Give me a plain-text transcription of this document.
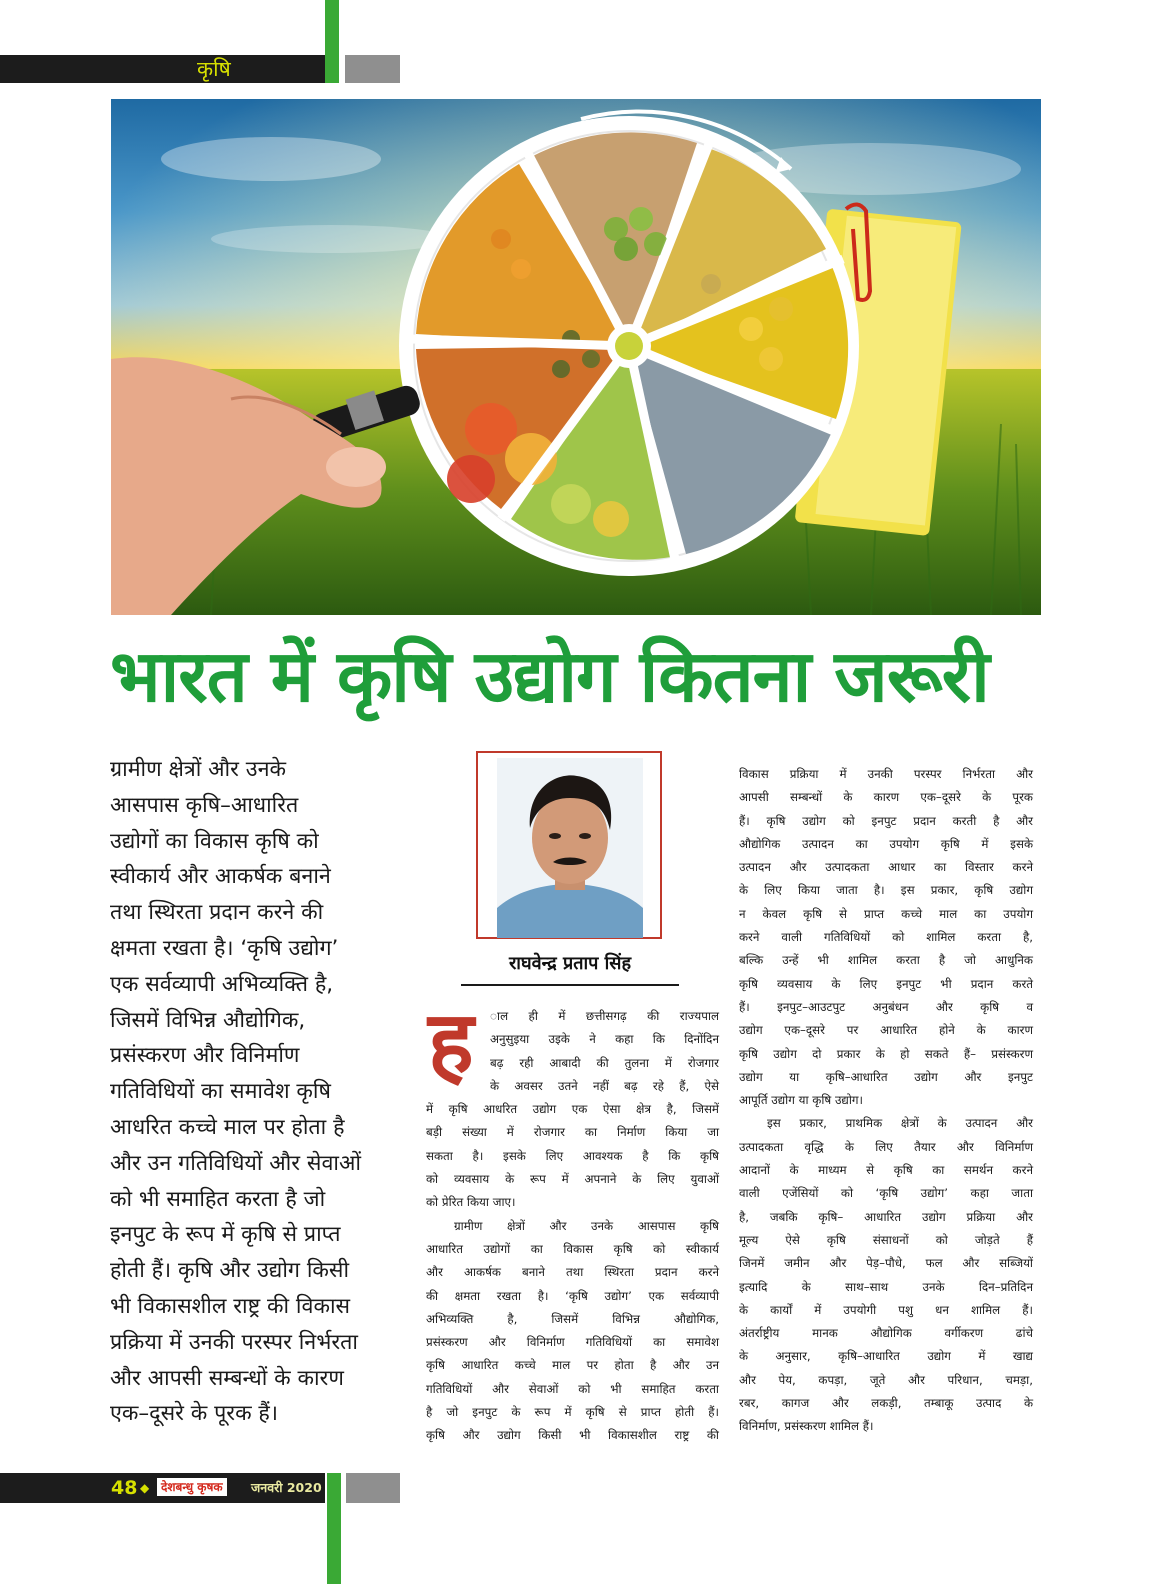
कृषि
भारत में कृषि उद्योग कितना जरूरी
ग्रामीण क्षेत्रों और उनके
आसपास कृषि–आधारित
उद्योगों का विकास कृषि को
स्वीकार्य और आकर्षक बनाने
तथा स्थिरता प्रदान करने की
क्षमता रखता है। ‘कृषि उद्योग’
एक सर्वव्यापी अभिव्यक्ति है,
जिसमें विभिन्न औद्योगिक,
प्रसंस्करण और विनिर्माण
गतिविधियों का समावेश कृषि
आधरित कच्चे माल पर होता है
और उन गतिविधियों और सेवाओं
को भी समाहित करता है जो
इनपुट के रूप में कृषि से प्राप्त
होती हैं। कृषि और उद्योग किसी
भी विकासशील राष्ट्र की विकास
प्रक्रिया में उनकी परस्पर निर्भरता
और आपसी सम्बन्धों के कारण
एक–दूसरे के पूरक हैं।
राघवेन्द्र प्रताप सिंह
ह	ाल ही में छत्तीसगढ़ की राज्यपाल
अनुसुइया उइके ने कहा कि दिनोंदिन
बढ़ रही आबादी की तुलना में रोजगार
के अवसर उतने नहीं बढ़ रहे हैं, ऐसे
में कृषि आधरित उद्योग एक ऐसा क्षेत्र है, जिसमें
बड़ी संख्या में रोजगार का निर्माण किया जा
सकता है। इसके लिए आवश्यक है कि कृषि
को व्यवसाय के रूप में अपनाने के लिए युवाओं
को प्रेरित किया जाए।
ग्रामीण क्षेत्रों और उनके आसपास कृषि
आधारित उद्योगों का विकास कृषि को स्वीकार्य
और आकर्षक बनाने तथा स्थिरता प्रदान करने
की क्षमता रखता है। ‘कृषि उद्योग’ एक सर्वव्यापी
अभिव्यक्ति है, जिसमें विभिन्न औद्योगिक,
प्रसंस्करण और विनिर्माण गतिविधियों का समावेश
कृषि आधारित कच्चे माल पर होता है और उन
गतिविधियों और सेवाओं को भी समाहित करता
है जो इनपुट के रूप में कृषि से प्राप्त होती हैं।
कृषि और उद्योग किसी भी विकासशील राष्ट्र की
विकास प्रक्रिया में उनकी परस्पर निर्भरता और
आपसी सम्बन्धों के कारण एक–दूसरे के पूरक
हैं। कृषि उद्योग को इनपुट प्रदान करती है और
औद्योगिक उत्पादन का उपयोग कृषि में इसके
उत्पादन और उत्पादकता आधार का विस्तार करने
के लिए किया जाता है। इस प्रकार, कृषि उद्योग
न केवल कृषि से प्राप्त कच्चे माल का उपयोग
करने वाली गतिविधियों को शामिल करता है,
बल्कि उन्हें भी शामिल करता है जो आधुनिक
कृषि व्यवसाय के लिए इनपुट भी प्रदान करते
हैं। इनपुट–आउटपुट अनुबंधन और कृषि व
उद्योग एक–दूसरे पर आधारित होने के कारण
कृषि उद्योग दो प्रकार के हो सकते हैं– प्रसंस्करण
उद्योग या कृषि–आधारित उद्योग और इनपुट
आपूर्ति उद्योग या कृषि उद्योग।
इस प्रकार, प्राथमिक क्षेत्रों के उत्पादन और
उत्पादकता वृद्धि के लिए तैयार और विनिर्माण
आदानों के माध्यम से कृषि का समर्थन करने
वाली एजेंसियों को ‘कृषि उद्योग’ कहा जाता
है, जबकि कृषि– आधारित उद्योग प्रक्रिया और
मूल्य ऐसे कृषि संसाधनों को जोड़ते हैं
जिनमें जमीन और पेड़–पौधे, फल और सब्जियों
इत्यादि के साथ–साथ उनके दिन–प्रतिदिन
के कार्यों में उपयोगी पशु धन शामिल हैं।
अंतर्राष्ट्रीय मानक औद्योगिक वर्गीकरण ढांचे
के अनुसार, कृषि–आधारित उद्योग में खाद्य
और पेय, कपड़ा, जूते और परिधान, चमड़ा,
रबर, कागज और लकड़ी, तम्बाकू उत्पाद के
विनिर्माण, प्रसंस्करण शामिल हैं।
48 ◆ देशबन्धु कृषक	जनवरी 2020
